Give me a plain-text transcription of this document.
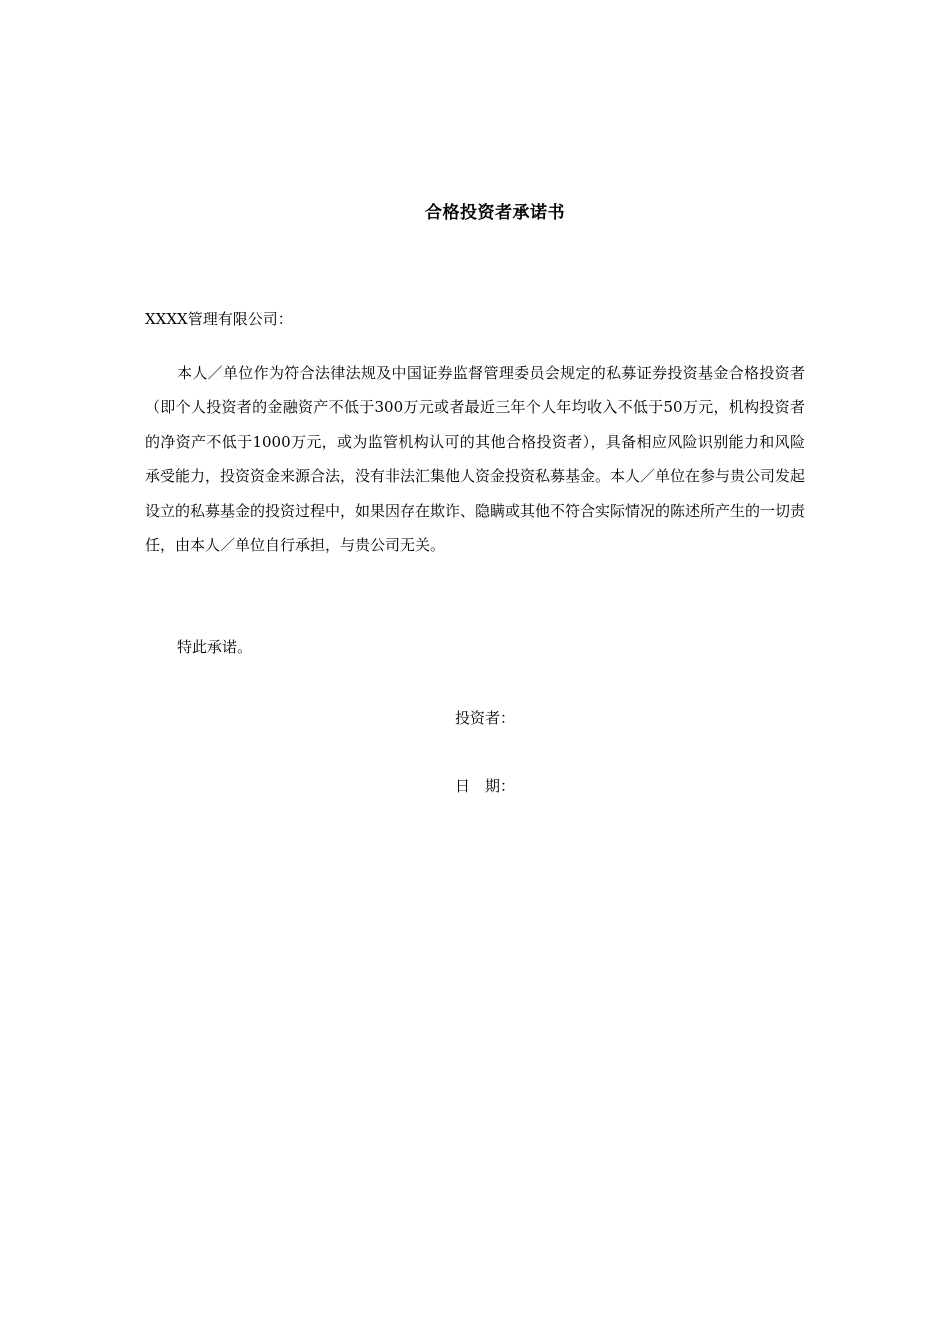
合格投资者承诺书
XXXX管理有限公司：

本人／单位作为符合法律法规及中国证券监督管理委员会规定的私募证券投资基金合格投资者（即个人投资者的金融资产不低于300万元或者最近三年个人年均收入不低于50万元，机构投资者的净资产不低于1000万元，或为监管机构认可的其他合格投资者），具备相应风险识别能力和风险承受能力，投资资金来源合法，没有非法汇集他人资金投资私募基金。本人／单位在参与贵公司发起设立的私募基金的投资过程中，如果因存在欺诈、隐瞒或其他不符合实际情况的陈述所产生的一切责任，由本人／单位自行承担，与贵公司无关。

特此承诺。
投资者：
日　期：
